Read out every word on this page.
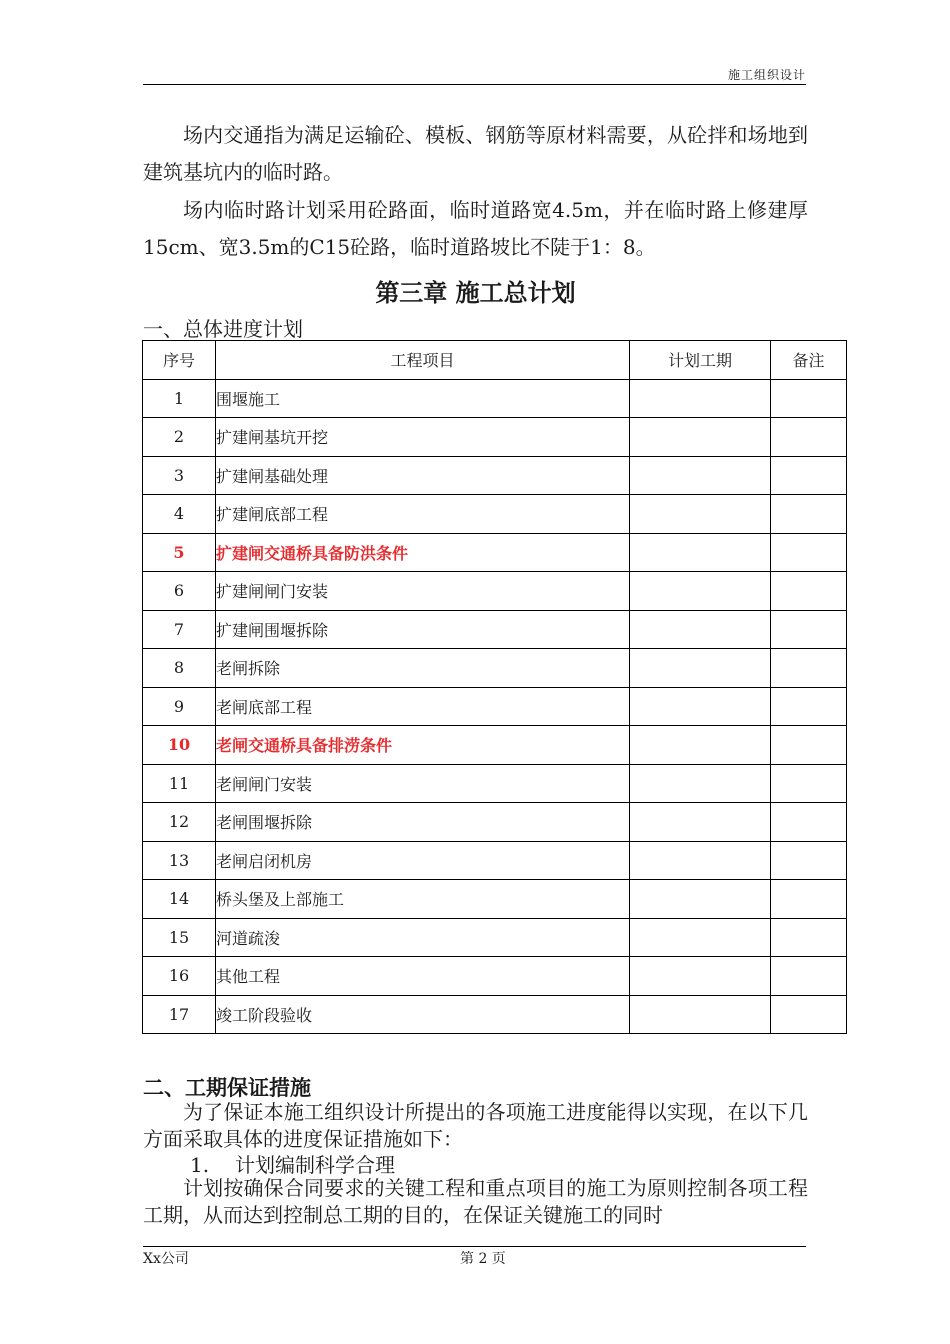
施工组织设计

场内交通指为满足运输砼、模板、钢筋等原材料需要，从砼拌和场地到建筑基坑内的临时路。

场内临时路计划采用砼路面，临时道路宽4.5m，并在临时路上修建厚15cm、宽3.5m的C15砼路，临时道路坡比不陡于1：8。

第三章 施工总计划
一、总体进度计划
序号	工程项目	计划工期	备注
1	围堰施工		
2	扩建闸基坑开挖		
3	扩建闸基础处理		
4	扩建闸底部工程		
5	扩建闸交通桥具备防洪条件		
6	扩建闸闸门安装		
7	扩建闸围堰拆除		
8	老闸拆除		
9	老闸底部工程		
10	老闸交通桥具备排涝条件		
11	老闸闸门安装		
12	老闸围堰拆除		
13	老闸启闭机房		
14	桥头堡及上部施工		
15	河道疏浚		
16	其他工程		
17	竣工阶段验收		
二、工期保证措施

为了保证本施工组织设计所提出的各项施工进度能得以实现，在以下几方面采取具体的进度保证措施如下：

1. 计划编制科学合理

计划按确保合同要求的关键工程和重点项目的施工为原则控制各项工程工期，从而达到控制总工期的目的，在保证关键施工的同时

Xx公司	第 2 页
